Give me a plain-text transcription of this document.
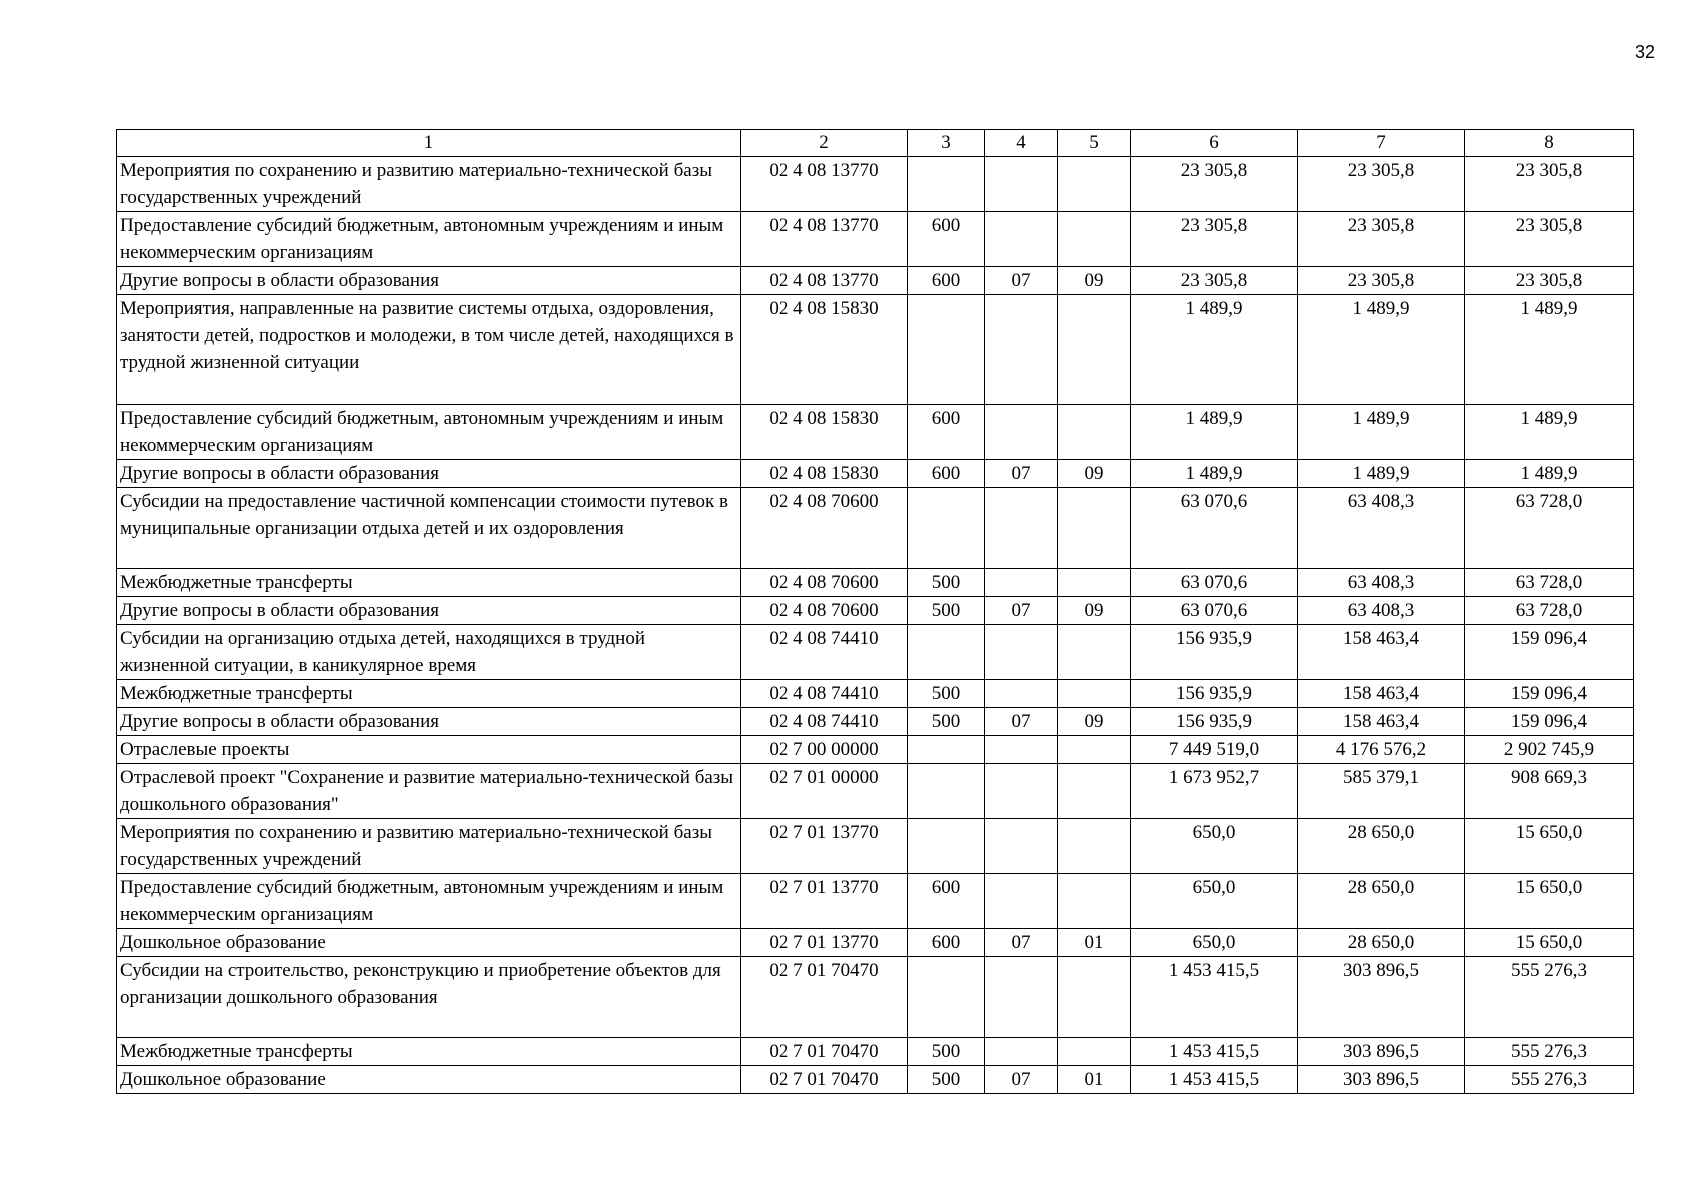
32
1	2	3	4	5	6	7	8
Мероприятия по сохранению и развитию материально-технической базы государственных учреждений	02 4 08 13770				23 305,8	23 305,8	23 305,8
Предоставление субсидий бюджетным, автономным учреждениям и иным некоммерческим организациям	02 4 08 13770	600			23 305,8	23 305,8	23 305,8
Другие вопросы в области образования	02 4 08 13770	600	07	09	23 305,8	23 305,8	23 305,8
Мероприятия, направленные на развитие системы отдыха, оздоровления, занятости детей, подростков и молодежи, в том числе детей, находящихся в трудной жизненной ситуации	02 4 08 15830				1 489,9	1 489,9	1 489,9
Предоставление субсидий бюджетным, автономным учреждениям и иным некоммерческим организациям	02 4 08 15830	600			1 489,9	1 489,9	1 489,9
Другие вопросы в области образования	02 4 08 15830	600	07	09	1 489,9	1 489,9	1 489,9
Субсидии на предоставление частичной компенсации стоимости путевок в муниципальные организации отдыха детей и их оздоровления	02 4 08 70600				63 070,6	63 408,3	63 728,0
Межбюджетные трансферты	02 4 08 70600	500			63 070,6	63 408,3	63 728,0
Другие вопросы в области образования	02 4 08 70600	500	07	09	63 070,6	63 408,3	63 728,0
Субсидии на организацию отдыха детей, находящихся в трудной жизненной ситуации, в каникулярное время	02 4 08 74410				156 935,9	158 463,4	159 096,4
Межбюджетные трансферты	02 4 08 74410	500			156 935,9	158 463,4	159 096,4
Другие вопросы в области образования	02 4 08 74410	500	07	09	156 935,9	158 463,4	159 096,4
Отраслевые проекты	02 7 00 00000				7 449 519,0	4 176 576,2	2 902 745,9
Отраслевой проект "Сохранение и развитие материально-технической базы дошкольного образования"	02 7 01 00000				1 673 952,7	585 379,1	908 669,3
Мероприятия по сохранению и развитию материально-технической базы государственных учреждений	02 7 01 13770				650,0	28 650,0	15 650,0
Предоставление субсидий бюджетным, автономным учреждениям и иным некоммерческим организациям	02 7 01 13770	600			650,0	28 650,0	15 650,0
Дошкольное образование	02 7 01 13770	600	07	01	650,0	28 650,0	15 650,0
Субсидии на строительство, реконструкцию и приобретение объектов для организации дошкольного образования	02 7 01 70470				1 453 415,5	303 896,5	555 276,3
Межбюджетные трансферты	02 7 01 70470	500			1 453 415,5	303 896,5	555 276,3
Дошкольное образование	02 7 01 70470	500	07	01	1 453 415,5	303 896,5	555 276,3
